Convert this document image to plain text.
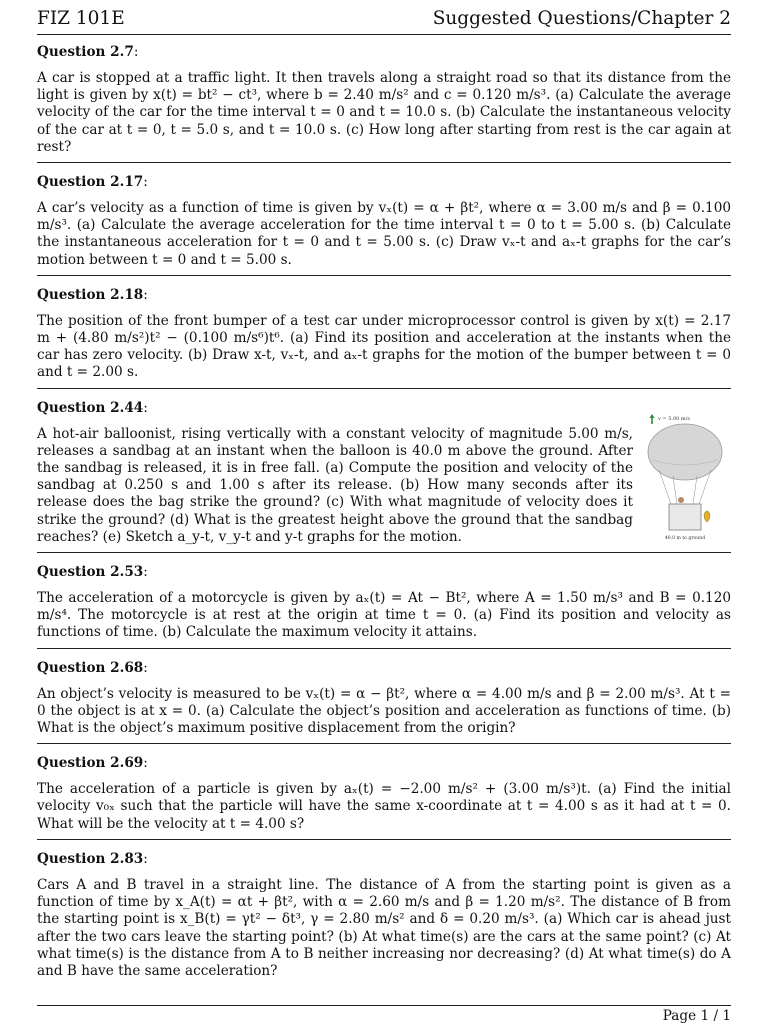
FIZ 101E	Suggested Questions/Chapter 2
Question 2.7:

A car is stopped at a traffic light. It then travels along a straight road so that its distance from the light is given by x(t) = bt² − ct³, where b = 2.40 m/s² and c = 0.120 m/s³. (a) Calculate the average velocity of the car for the time interval t = 0 and t = 10.0 s. (b) Calculate the instantaneous velocity of the car at t = 0, t = 5.0 s, and t = 10.0 s. (c) How long after starting from rest is the car again at rest?

Question 2.17:

A car’s velocity as a function of time is given by vₓ(t) = α + βt², where α = 3.00 m/s and β = 0.100 m/s³. (a) Calculate the average acceleration for the time interval t = 0 to t = 5.00 s. (b) Calculate the instantaneous acceleration for t = 0 and t = 5.00 s. (c) Draw vₓ-t and aₓ-t graphs for the car’s motion between t = 0 and t = 5.00 s.

Question 2.18:

The position of the front bumper of a test car under microprocessor control is given by x(t) = 2.17 m + (4.80 m/s²)t² − (0.100 m/s⁶)t⁶. (a) Find its position and acceleration at the instants when the car has zero velocity. (b) Draw x-t, vₓ-t, and aₓ-t graphs for the motion of the bumper between t = 0 and t = 2.00 s.

Question 2.44:

A hot-air balloonist, rising vertically with a constant velocity of magnitude 5.00 m/s, releases a sandbag at an instant when the balloon is 40.0 m above the ground. After the sandbag is released, it is in free fall. (a) Compute the position and velocity of the sandbag at 0.250 s and 1.00 s after its release. (b) How many seconds after its release does the bag strike the ground? (c) With what magnitude of velocity does it strike the ground? (d) What is the greatest height above the ground that the sandbag reaches? (e) Sketch a_y-t, v_y-t and y-t graphs for the motion.

v = 5.00 m/s
40.0 m to ground
Question 2.53:

The acceleration of a motorcycle is given by aₓ(t) = At − Bt², where A = 1.50 m/s³ and B = 0.120 m/s⁴. The motorcycle is at rest at the origin at time t = 0. (a) Find its position and velocity as functions of time. (b) Calculate the maximum velocity it attains.

Question 2.68:

An object’s velocity is measured to be vₓ(t) = α − βt², where α = 4.00 m/s and β = 2.00 m/s³. At t = 0 the object is at x = 0. (a) Calculate the object’s position and acceleration as functions of time. (b) What is the object’s maximum positive displacement from the origin?

Question 2.69:

The acceleration of a particle is given by aₓ(t) = −2.00 m/s² + (3.00 m/s³)t. (a) Find the initial velocity v₀ₓ such that the particle will have the same x-coordinate at t = 4.00 s as it had at t = 0. What will be the velocity at t = 4.00 s?

Question 2.83:

Cars A and B travel in a straight line. The distance of A from the starting point is given as a function of time by x_A(t) = αt + βt², with α = 2.60 m/s and β = 1.20 m/s². The distance of B from the starting point is x_B(t) = γt² − δt³, γ = 2.80 m/s² and δ = 0.20 m/s³. (a) Which car is ahead just after the two cars leave the starting point? (b) At what time(s) are the cars at the same point? (c) At what time(s) is the distance from A to B neither increasing nor decreasing? (d) At what time(s) do A and B have the same acceleration?

Page 1 / 1
